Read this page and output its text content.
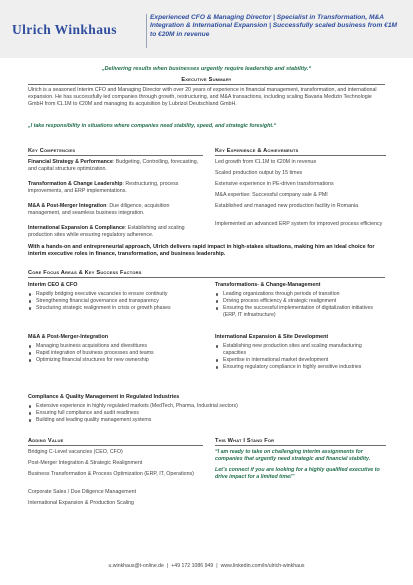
Ulrich Winkhaus
Experienced CFO & Managing Director | Specialist in Transformation, M&A Integration & International Expansion | Successfully scaled business from €1M to €20M in revenue
„Delivering results when businesses urgently require leadership and stability.“
Executive Summary
Ulrich is a seasoned Interim CFO and Managing Director with over 20 years of experience in financial management, transformation, and international expansion. He has successfully led companies through growth, restructuring, and M&A transactions, including scaling Bavaria Medizin Technologie GmbH from €1.1M to €20M and managing its acquisition by Lubrizol Deutschland GmbH.
„I take responsibility in situations where companies need stability, speed, and strategic foresight.“
Key Competencies	Key Experience & Achievements
Financial Strategy & Performance: Budgeting, Controlling, forecasting, and capital structure optimization.
Transformation & Change Leadership: Restructuring, process improvements, and ERP implementations.
M&A & Post-Merger Integration: Due diligence, acquisition management, and seamless business integration.
International Expansion & Compliance: Establishing and scaling production sites while ensuring regulatory adherence.
Led growth from €1.1M to €20M in revenue
Scaled production output by 15 times
Extensive experience in PE-driven transformations
M&A expertise: Successful company sale & PMI
Established and managed new production facility in Romania
Implemented an advanced ERP system for improved process efficiency
With a hands-on and entrepreneurial approach, Ulrich delivers rapid impact in high-stakes situations, making him an ideal choice for interim executive roles in finance, transformation, and business leadership.
Core Focus Areas & Key Success Factors
Interim CEO & CFO
Rapidly bridging executive vacancies to ensure continuity
Strengthening financial governance and transparency
Structuring strategic realignment in crisis or growth phases
M&A & Post-Merger-Integration
Managing business acquisitions and divestitures
Rapid integration of business processes and teams
Optimizing financial structures for new ownership
Transformations- & Change-Management
Leading organizations through periods of transition
Driving process efficiency & strategic realignment
Ensuring the successful implementation of digitalization initiatives (ERP, IT infrastructure)
International Expansion & Site Development
Establishing new production sites and scaling manufacturing capacities
Expertise in international market development
Ensuring regulatory compliance in highly sensitive industries
Compliance & Quality Management in Regulated Industries
Extensive experience in highly regulated markets (MedTech, Pharma, Industrial sectors)
Ensuring full compliance and audit readiness
Building and leading quality management systems
Adding Value	This What I Stand For
Bridging C-Level vacancies (CEO, CFO)
Post-Merger Integration & Strategic Realignment
Business Transformation & Process Optimization (ERP, IT, Operations)
Corporate Sales / Due Diligence Management
International Expansion & Production Scaling
“I am ready to take on challenging interim assignments for companies that urgently need strategic and financial stability.
Let’s connect if you are looking for a highly qualified executive to drive impact for a limited time!”
u.winkhaus@t-online.de | +49 172 1086 949 | www.linkedin.com/in/ulrich-winkhaus
